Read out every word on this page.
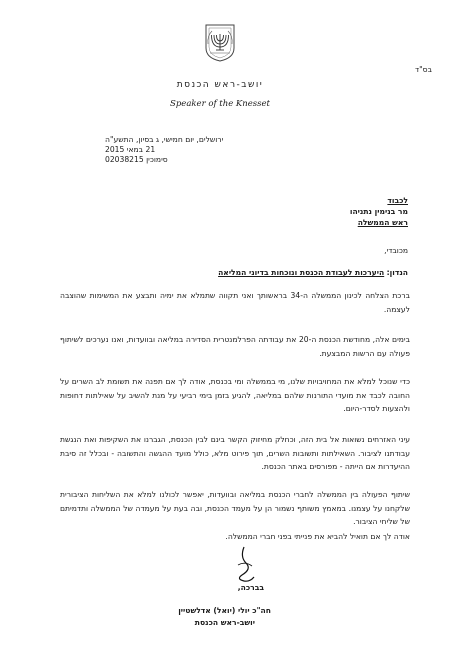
בס"ד
יושב-ראש הכנסת
Speaker of the Knesset
ירושלים, יום חמישי, ג בסיון, התשע"ה
21 במאי 2015
סימוכין 02038215
לכבוד
מר בנימין נתניהו
ראש הממשלה
מכובדי,
הנדון: היערכות לעבודת הכנסת ונוכחות בדיוני המליאה
ברכת הצלחה לכינון הממשלה ה-34 בראשותך ואני תקווה שתמלא את ימיה ותבצע את המשימות שהוצבה לעצמה.
בימים אלה, מחודשת הכנסת ה-20 את עבודתה הפרלמנטרית הסדירה במליאה ובוועדות, ואנו נערכים לשיתוף פעולה עם הרשות המבצעת.
כדי שנוכל למלא את המחויבויות שלנו, מי בממשלה ומי בכנסת, אודה לך אם תפנה את תשומת לב השרים על החובה לכבד את מועדי התורנות שלהם במליאה, להגיע בזמן בימי רביעי על מנת להשיב על שאילתות דחופות ולהצעות לסדר-היום.
עיני האזרחים נשואות אל בית הזה, וכחלק מחיזוק הקשר בינם לבין הכנסת, הגברנו את השקיפות ואת הנגשת עבודתנו לציבור. השאילתות ותשובות השרים, תוך פירוט מלא, כולל מועד ההגשה והתשובה - ובכלל זה סיבת ההיעדרות אם הייתה - מפורסים באתר הכנסת.
שיתוף הפעולה בין הממשלה לחברי הכנסת במליאה ובוועדות, יאפשר לכולנו למלא את השליחות הציבורית שלקחנו על עצמנו. במאמץ משותף נשמור הן על מעמד הכנסת, ובה בעת על מעמדה של הממשלה ותדמיתם של שליחי הציבור.
אודה לך אם תואיל להביא את פנייתי בפני חברי הממשלה.
בברכה,
חה"כ יולי (יואל) אדלשטיין
יושב-ראש הכנסת
